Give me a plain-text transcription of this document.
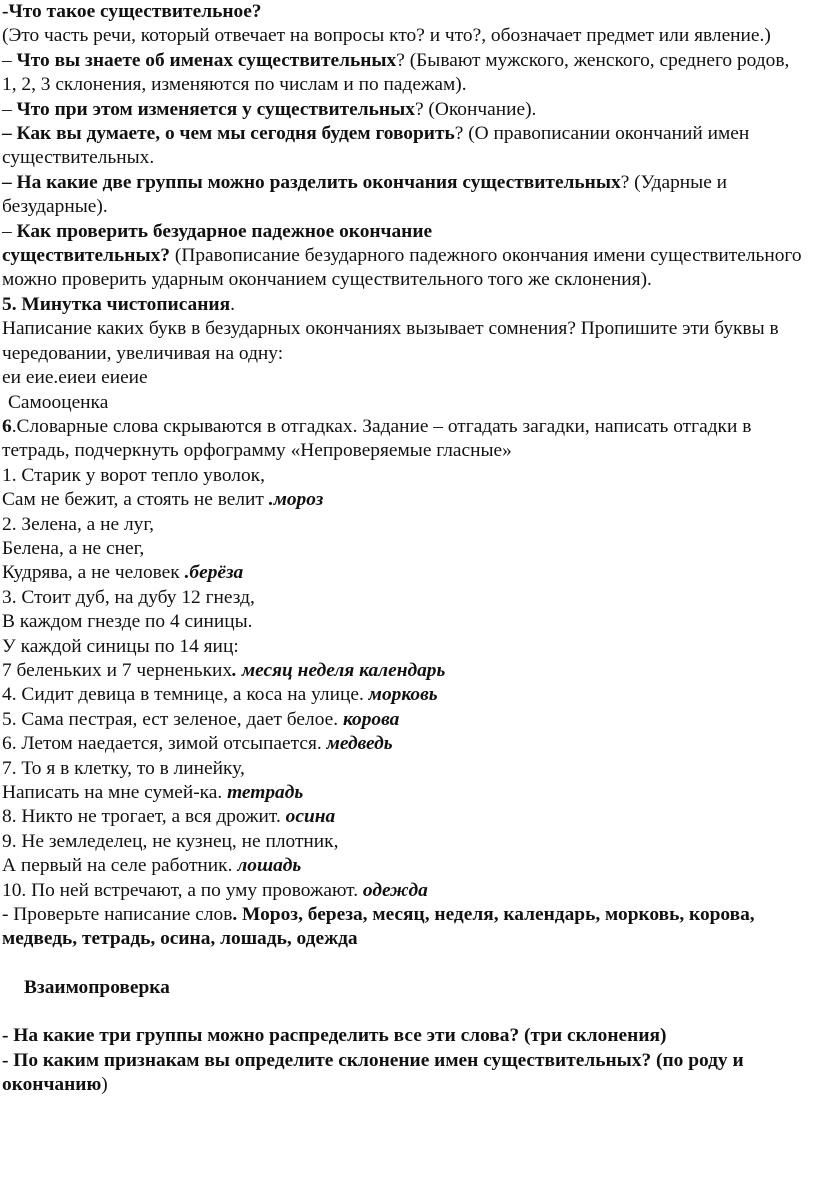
-Что такое существительное?

(Это часть речи, который отвечает на вопросы кто? и что?, обозначает предмет или явление.)

– Что вы знаете об именах существительных? (Бывают мужского, женского, среднего родов, 1, 2, 3 склонения, изменяются по числам и по падежам).

– Что при этом изменяется у существительных? (Окончание).

– Как вы думаете, о чем мы сегодня будем говорить? (О правописании окончаний имен существительных.

– На какие две группы можно разделить окончания существительных? (Ударные и безударные).

– Как проверить безударное падежное окончание

существительных? (Правописание безударного падежного окончания имени существительного можно проверить ударным окончанием существительного того же склонения).

5. Минутка чистописания.

Написание каких букв в безударных окончаниях вызывает сомнения? Пропишите эти буквы в чередовании, увеличивая на одну:

еи еие.еиеи еиеие

Самооценка

6.Словарные слова скрываются в отгадках. Задание – отгадать загадки, написать отгадки в тетрадь, подчеркнуть орфограмму «Непроверяемые гласные»

1. Старик у ворот тепло уволок,

Сам не бежит, а стоять не велит .мороз

2. Зелена, а не луг,

Белена, а не снег,

Кудрява, а не человек .берёза

3. Стоит дуб, на дубу 12 гнезд,

В каждом гнезде по 4 синицы.

У каждой синицы по 14 яиц:

7 беленьких и 7 черненьких. месяц неделя календарь

4. Сидит девица в темнице, а коса на улице. морковь

5. Сама пестрая, ест зеленое, дает белое. корова

6. Летом наедается, зимой отсыпается. медведь

7. То я в клетку, то в линейку,

Написать на мне сумей-ка. тетрадь

8. Никто не трогает, а вся дрожит. осина

9. Не земледелец, не кузнец, не плотник,

А первый на селе работник. лошадь

10. По ней встречают, а по уму провожают. одежда

- Проверьте написание слов. Мороз, береза, месяц, неделя, календарь, морковь, корова, медведь, тетрадь, осина, лошадь, одежда

Взаимопроверка

- На какие три группы можно распределить все эти слова? (три склонения)

- По каким признакам вы определите склонение имен существительных? (по роду и окончанию)
